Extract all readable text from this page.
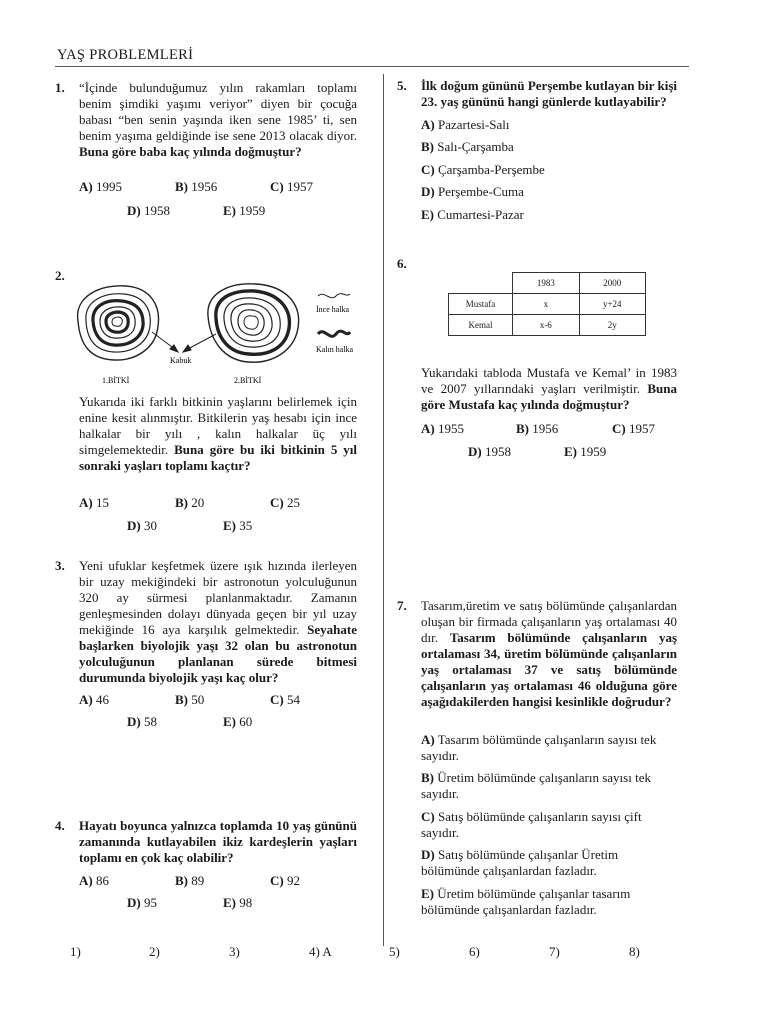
YAŞ PROBLEMLERİ
1. “İçinde bulunduğumuz yılın rakamları toplamı benim şimdiki yaşımı veriyor” diyen bir çocuğa babası “ben senin yaşında iken sene 1985’ ti, sen benim yaşıma geldiğinde ise sene 2013 olacak diyor. Buna göre baba kaç yılında doğmuştur?
A) 1995	B) 1956	C) 1957
D) 1958	E) 1959
2.
İnce halka
Kalın halka
Kabuk
1.BİTKİ	2.BİTKİ
Yukarıda iki farklı bitkinin yaşlarını belirlemek için enine kesit alınmıştır. Bitkilerin yaş hesabı için ince halkalar bir yılı , kalın halkalar üç yılı simgelemektedir. Buna göre bu iki bitkinin 5 yıl sonraki yaşları toplamı kaçtır?
A) 15	B) 20	C) 25
D) 30	E) 35
3. Yeni ufuklar keşfetmek üzere ışık hızında ilerleyen bir uzay mekiğindeki bir astronotun yolculuğunun 320 ay sürmesi planlanmaktadır. Zamanın genleşmesinden dolayı dünyada geçen bir yıl uzay mekiğinde 16 aya karşılık gelmektedir. Seyahate başlarken biyolojik yaşı 32 olan bu astronotun yolculuğunun planlanan sürede bitmesi durumunda biyolojik yaşı kaç olur?
A) 46	B) 50	C) 54
D) 58	E) 60
4. Hayatı boyunca yalnızca toplamda 10 yaş gününü zamanında kutlayabilen ikiz kardeşlerin yaşları toplamı en çok kaç olabilir?
A) 86	B) 89	C) 92
D) 95	E) 98
5. İlk doğum gününü Perşembe kutlayan bir kişi 23. yaş gününü hangi günlerde kutlayabilir?
A) Pazartesi-Salı
B) Salı-Çarşamba
C) Çarşamba-Perşembe
D) Perşembe-Cuma
E) Cumartesi-Pazar
6.
	1983	2000
Mustafa	x	y+24
Kemal	x-6	2y
Yukarıdaki tabloda Mustafa ve Kemal’ in 1983 ve 2007 yıllarındaki yaşları verilmiştir. Buna göre Mustafa kaç yılında doğmuştur?
A) 1955	B) 1956	C) 1957
D) 1958	E) 1959
7. Tasarım,üretim ve satış bölümünde çalışanlardan oluşan bir firmada çalışanların yaş ortalaması 40 dır. Tasarım bölümünde çalışanların yaş ortalaması 34, üretim bölümünde çalışanların yaş ortalaması 37 ve satış bölümünde çalışanların yaş ortalaması 46 olduğuna göre aşağıdakilerden hangisi kesinlikle doğrudur?
A) Tasarım bölümünde çalışanların sayısı tek sayıdır.
B) Üretim bölümünde çalışanların sayısı tek sayıdır.
C) Satış bölümünde çalışanların sayısı çift sayıdır.
D) Satış bölümünde çalışanlar Üretim bölümünde çalışanlardan fazladır.
E) Üretim bölümünde çalışanlar tasarım bölümünde çalışanlardan fazladır.
1)	2)	3)	4) A	5)	6)	7)	8)
